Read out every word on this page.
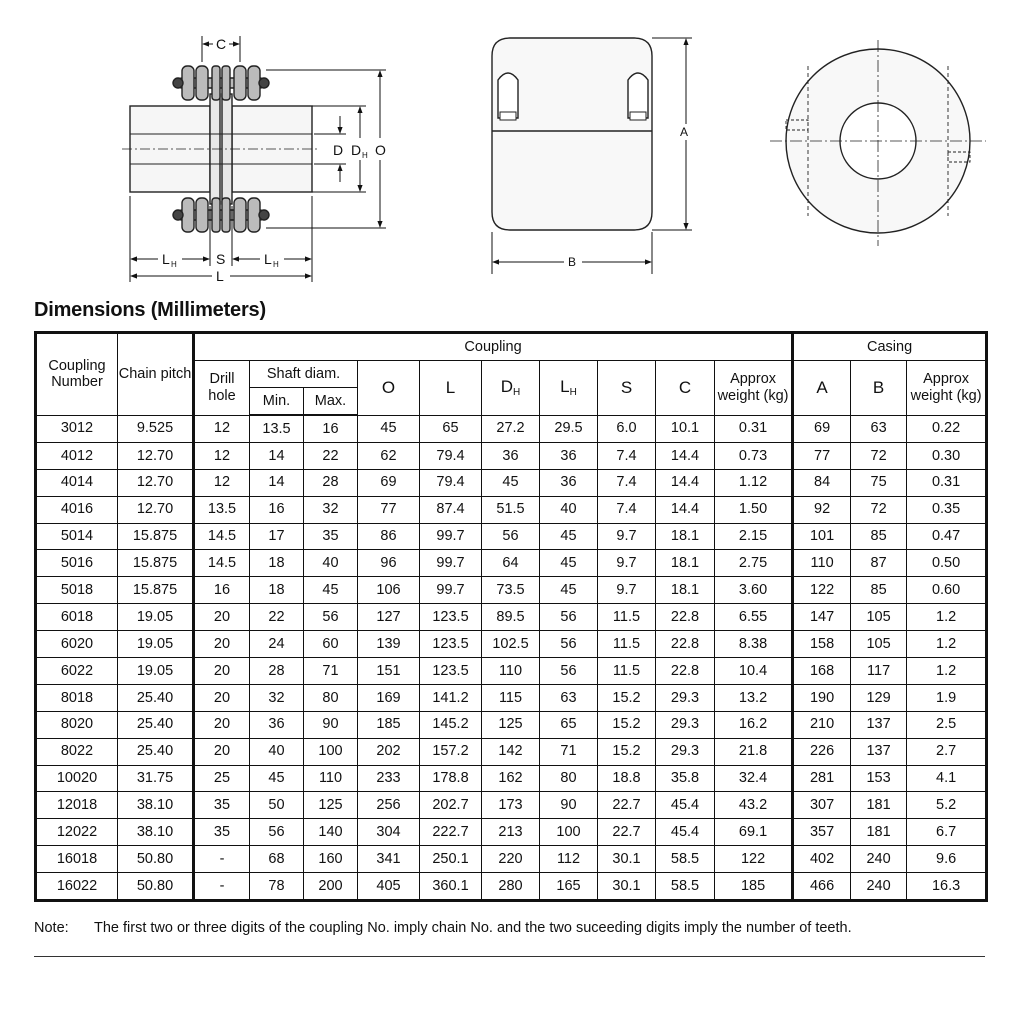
C
D D H O
L H	S	L H
L
A
B
Dimensions (Millimeters)
Coupling Number	Chain pitch	Coupling										Casing		
		Drill hole	Shaft diam.		O	L	$D_H$	$L_H$	S	C	Approx weight (kg)	A	B	Approx weight (kg)
			Min.	Max.										
3012	9.525	12	13.5	16	45	65	27.2	29.5	6.0	10.1	0.31	69	63	0.22
4012	12.70	12	14	22	62	79.4	36	36	7.4	14.4	0.73	77	72	0.30
4014	12.70	12	14	28	69	79.4	45	36	7.4	14.4	1.12	84	75	0.31
4016	12.70	13.5	16	32	77	87.4	51.5	40	7.4	14.4	1.50	92	72	0.35
5014	15.875	14.5	17	35	86	99.7	56	45	9.7	18.1	2.15	101	85	0.47
5016	15.875	14.5	18	40	96	99.7	64	45	9.7	18.1	2.75	110	87	0.50
5018	15.875	16	18	45	106	99.7	73.5	45	9.7	18.1	3.60	122	85	0.60
6018	19.05	20	22	56	127	123.5	89.5	56	11.5	22.8	6.55	147	105	1.2
6020	19.05	20	24	60	139	123.5	102.5	56	11.5	22.8	8.38	158	105	1.2
6022	19.05	20	28	71	151	123.5	110	56	11.5	22.8	10.4	168	117	1.2
8018	25.40	20	32	80	169	141.2	115	63	15.2	29.3	13.2	190	129	1.9
8020	25.40	20	36	90	185	145.2	125	65	15.2	29.3	16.2	210	137	2.5
8022	25.40	20	40	100	202	157.2	142	71	15.2	29.3	21.8	226	137	2.7
10020	31.75	25	45	110	233	178.8	162	80	18.8	35.8	32.4	281	153	4.1
12018	38.10	35	50	125	256	202.7	173	90	22.7	45.4	43.2	307	181	5.2
12022	38.10	35	56	140	304	222.7	213	100	22.7	45.4	69.1	357	181	6.7
16018	50.80	-	68	160	341	250.1	220	112	30.1	58.5	122	402	240	9.6
16022	50.80	-	78	200	405	360.1	280	165	30.1	58.5	185	466	240	16.3
Note: The first two or three digits of the coupling No. imply chain No. and the two suceeding digits imply the number of teeth.
